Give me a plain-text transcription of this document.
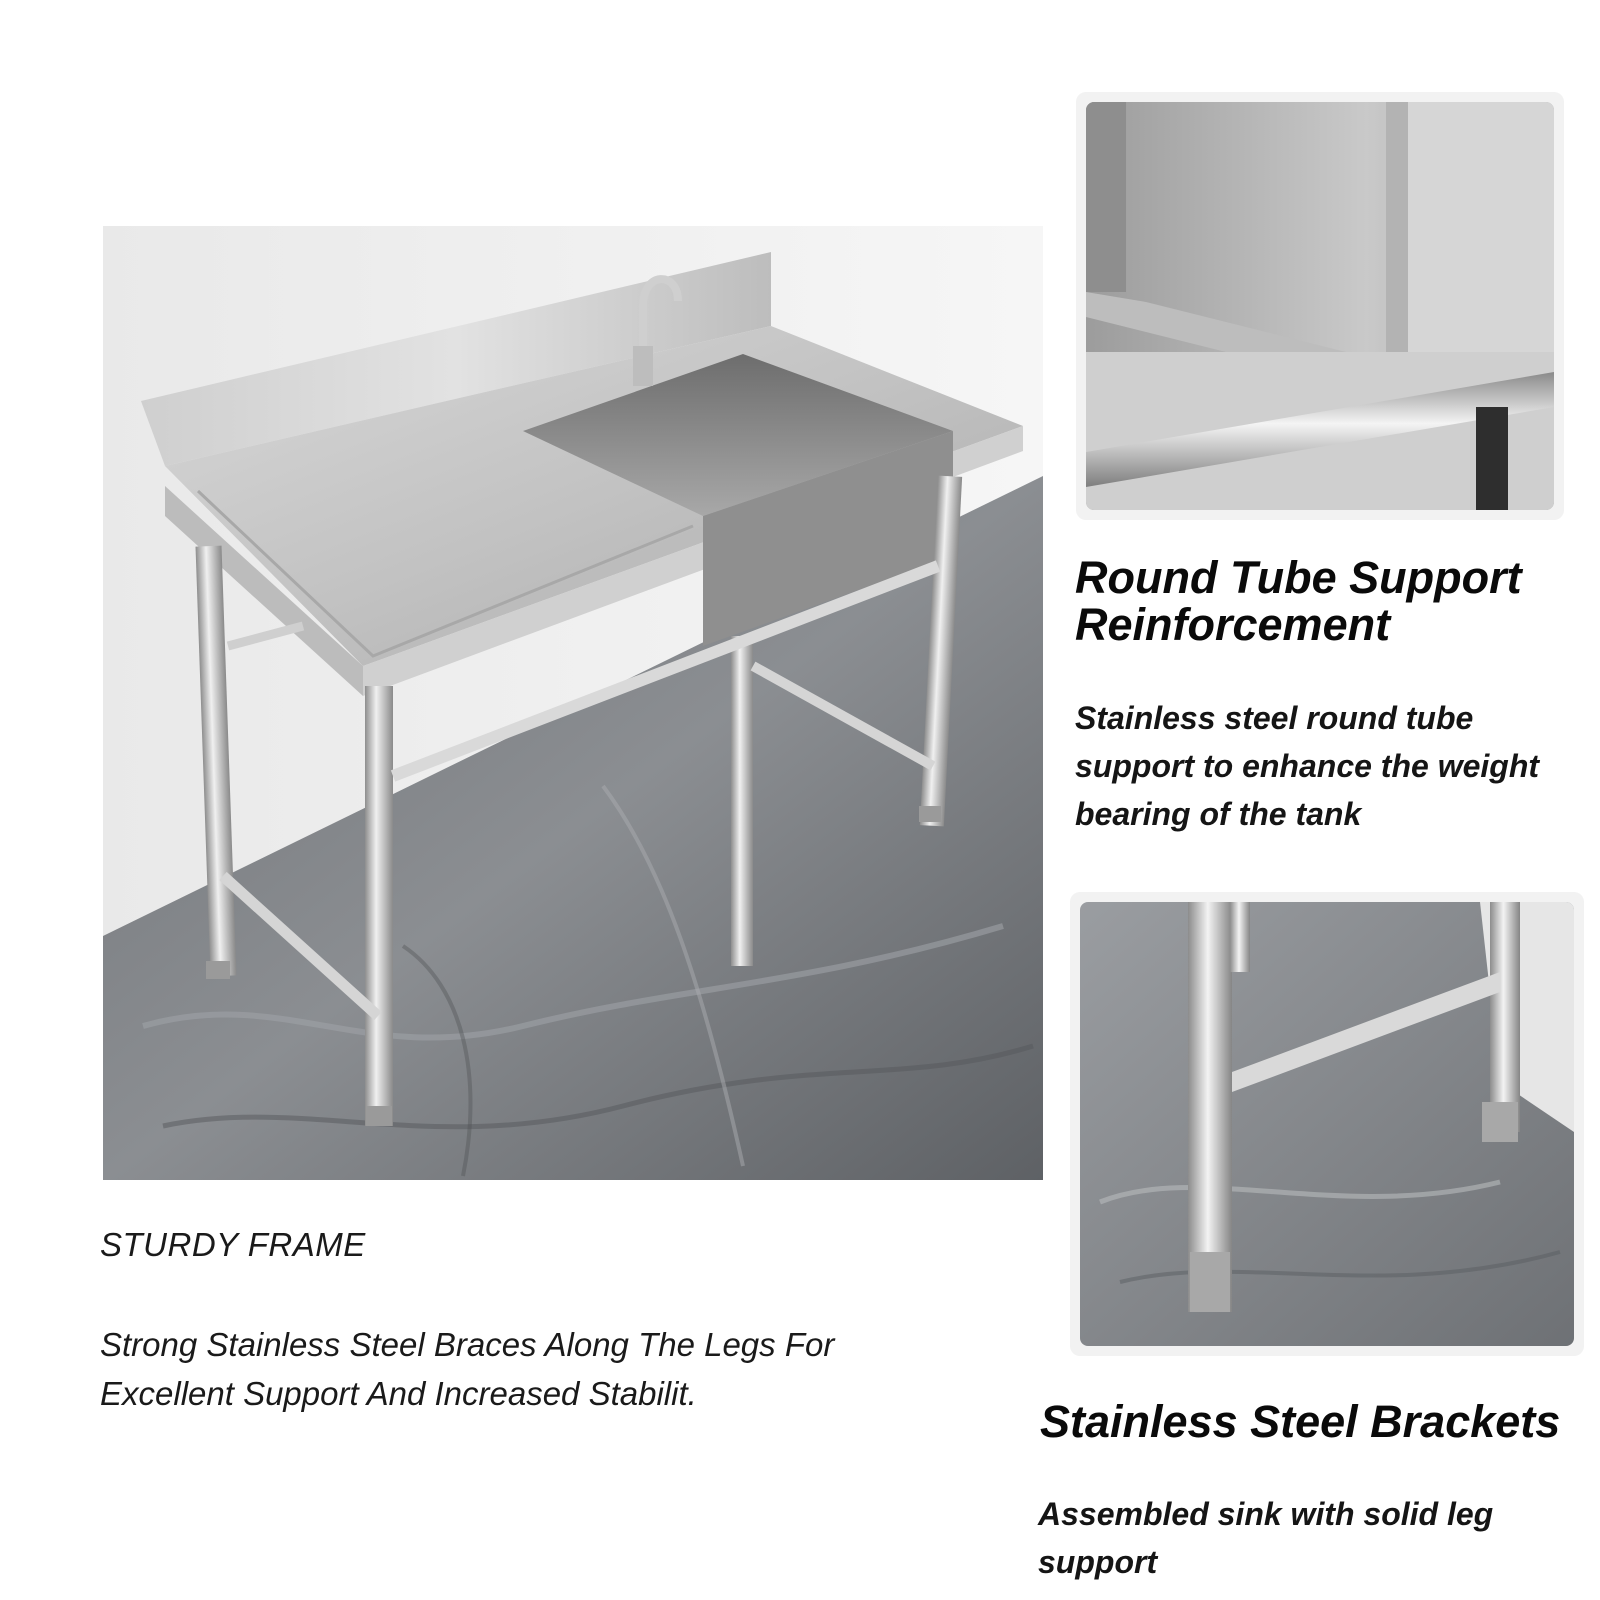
Round Tube Support Reinforcement
Stainless steel round tube support to enhance the weight bearing of the tank
Stainless Steel Brackets
Assembled sink with solid leg support
STURDY FRAME
Strong Stainless Steel Braces Along The Legs For Excellent Support And Increased Stabilit.
